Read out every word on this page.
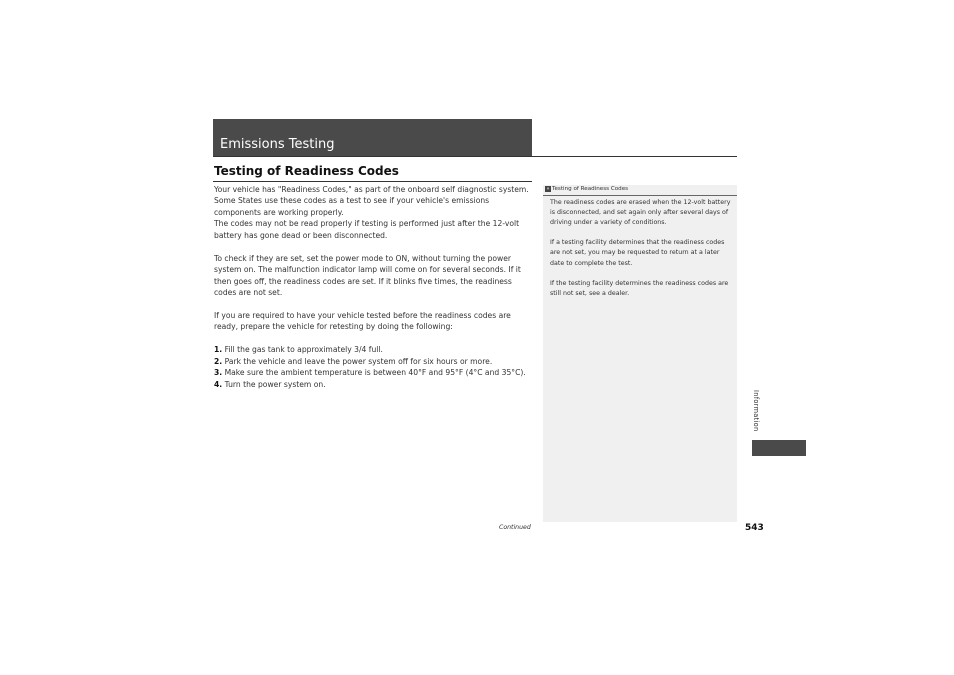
Emissions Testing
Testing of Readiness Codes

Your vehicle has "Readiness Codes," as part of the onboard self diagnostic system. Some States use these codes as a test to see if your vehicle's emissions components are working properly.

The codes may not be read properly if testing is performed just after the 12-volt battery has gone dead or been disconnected.

To check if they are set, set the power mode to ON, without turning the power system on. The malfunction indicator lamp will come on for several seconds. If it then goes off, the readiness codes are set. If it blinks five times, the readiness codes are not set.

If you are required to have your vehicle tested before the readiness codes are ready, prepare the vehicle for retesting by doing the following:

1. Fill the gas tank to approximately 3/4 full.
2. Park the vehicle and leave the power system off for six hours or more.
3. Make sure the ambient temperature is between 40°F and 95°F (4°C and 35°C).
4. Turn the power system on.
» Testing of Readiness Codes

The readiness codes are erased when the 12-volt battery is disconnected, and set again only after several days of driving under a variety of conditions.

If a testing facility determines that the readiness codes are not set, you may be requested to return at a later date to complete the test.

If the testing facility determines the readiness codes are still not set, see a dealer.

Continued	543
Information
